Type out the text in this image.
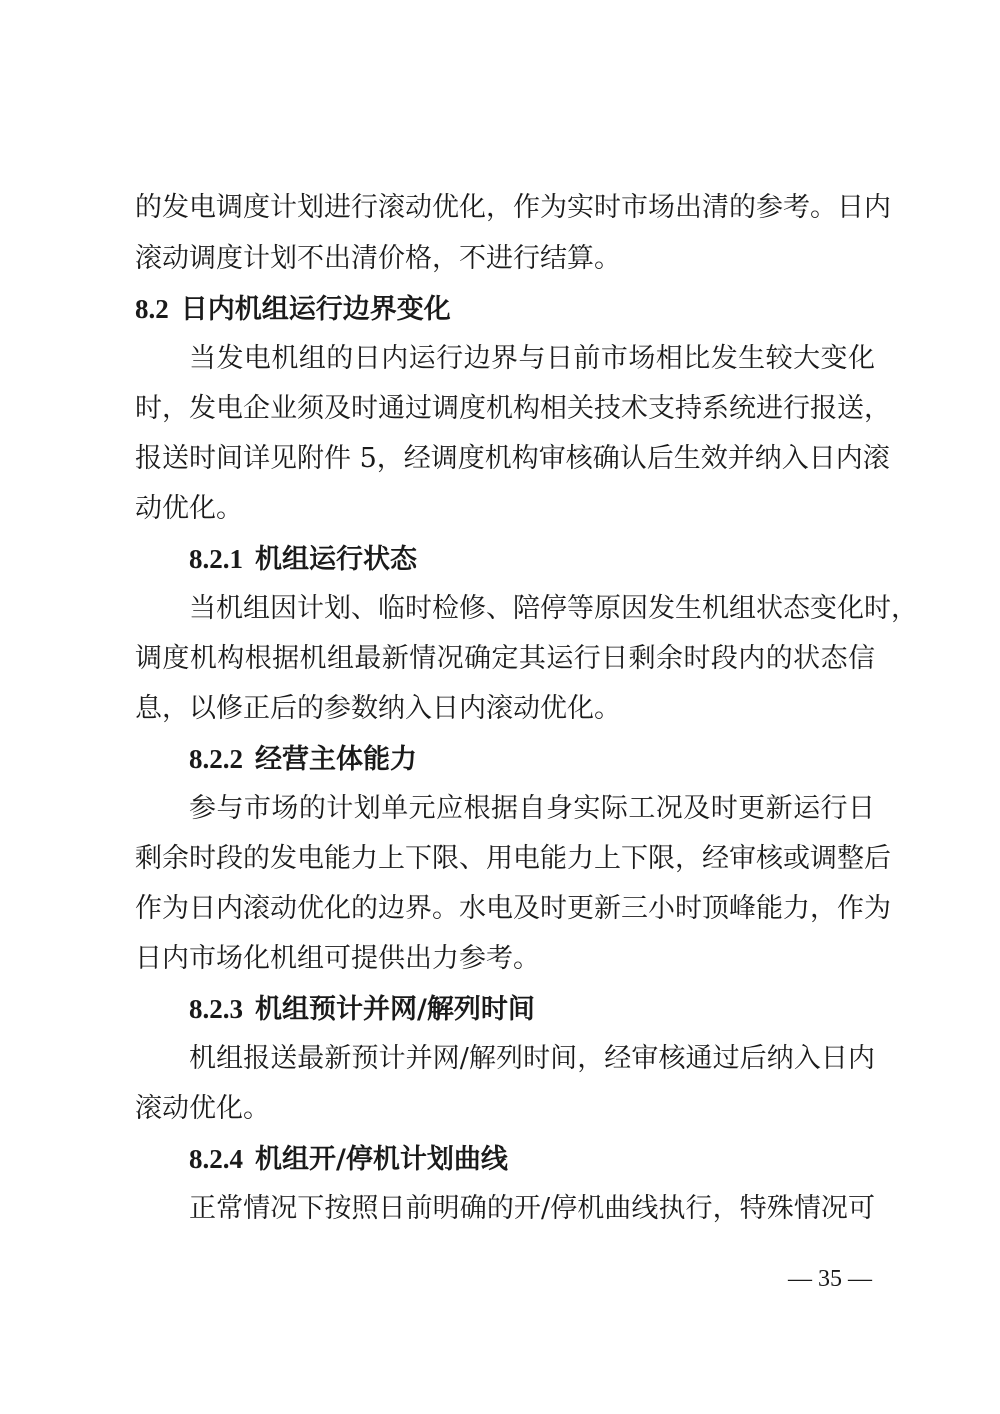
的发电调度计划进行滚动优化，作为实时市场出清的参考。日内
滚动调度计划不出清价格，不进行结算。
8.2 日内机组运行边界变化
当发电机组的日内运行边界与日前市场相比发生较大变化
时，发电企业须及时通过调度机构相关技术支持系统进行报送，
报送时间详见附件 5，经调度机构审核确认后生效并纳入日内滚
动优化。
8.2.1 机组运行状态
当机组因计划、临时检修、陪停等原因发生机组状态变化时，
调度机构根据机组最新情况确定其运行日剩余时段内的状态信
息，以修正后的参数纳入日内滚动优化。
8.2.2 经营主体能力
参与市场的计划单元应根据自身实际工况及时更新运行日
剩余时段的发电能力上下限、用电能力上下限，经审核或调整后
作为日内滚动优化的边界。水电及时更新三小时顶峰能力，作为
日内市场化机组可提供出力参考。
8.2.3 机组预计并网/解列时间
机组报送最新预计并网/解列时间，经审核通过后纳入日内
滚动优化。
8.2.4 机组开/停机计划曲线
正常情况下按照日前明确的开/停机曲线执行，特殊情况可
— 35 —
